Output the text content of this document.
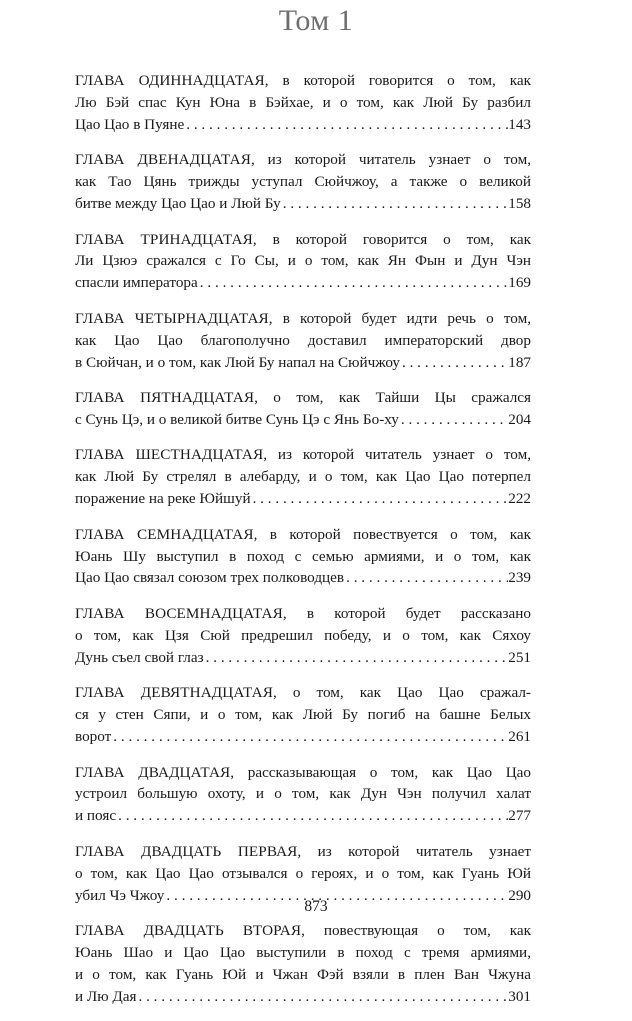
Том 1
ГЛАВА ОДИННАДЦАТАЯ, в которой говорится о том, как
Лю Бэй спас Кун Юна в Бэйхае, и о том, как Люй Бу разбил
Цао Цао в Пуяне . . .	143
ГЛАВА ДВЕНАДЦАТАЯ, из которой читатель узнает о том,
как Тао Цянь трижды уступал Сюйчжоу, а также о великой
битве между Цао Цао и Люй Бу . . .	158
ГЛАВА ТРИНАДЦАТАЯ, в которой говорится о том, как
Ли Цзюэ сражался с Го Сы, и о том, как Ян Фын и Дун Чэн
спасли императора . . .	169
ГЛАВА ЧЕТЫРНАДЦАТАЯ, в которой будет идти речь о том,
как Цао Цао благополучно доставил императорский двор
в Сюйчан, и о том, как Люй Бу напал на Сюйчжоу . . .	187
ГЛАВА ПЯТНАДЦАТАЯ, о том, как Тайши Цы сражался
с Сунь Цэ, и о великой битве Сунь Цэ с Янь Бо-ху . . .	204
ГЛАВА ШЕСТНАДЦАТАЯ, из которой читатель узнает о том,
как Люй Бу стрелял в алебарду, и о том, как Цао Цао потерпел
поражение на реке Юйшуй . . .	222
ГЛАВА СЕМНАДЦАТАЯ, в которой повествуется о том, как
Юань Шу выступил в поход с семью армиями, и о том, как
Цао Цао связал союзом трех полководцев . . .	239
ГЛАВА ВОСЕМНАДЦАТАЯ, в которой будет рассказано
о том, как Цзя Сюй предрешил победу, и о том, как Сяхоу
Дунь съел свой глаз . . .	251
ГЛАВА ДЕВЯТНАДЦАТАЯ, о том, как Цао Цао сражал-
ся у стен Сяпи, и о том, как Люй Бу погиб на башне Белых
ворот . . .	261
ГЛАВА ДВАДЦАТАЯ, рассказывающая о том, как Цао Цао
устроил большую охоту, и о том, как Дун Чэн получил халат
и пояс . . .	277
ГЛАВА ДВАДЦАТЬ ПЕРВАЯ, из которой читатель узнает
о том, как Цао Цао отзывался о героях, и о том, как Гуань Юй
убил Чэ Чжоу . . .	290
ГЛАВА ДВАДЦАТЬ ВТОРАЯ, повествующая о том, как
Юань Шао и Цао Цао выступили в поход с тремя армиями,
и о том, как Гуань Юй и Чжан Фэй взяли в плен Ван Чжуна
и Лю Дая . . .	301
873
